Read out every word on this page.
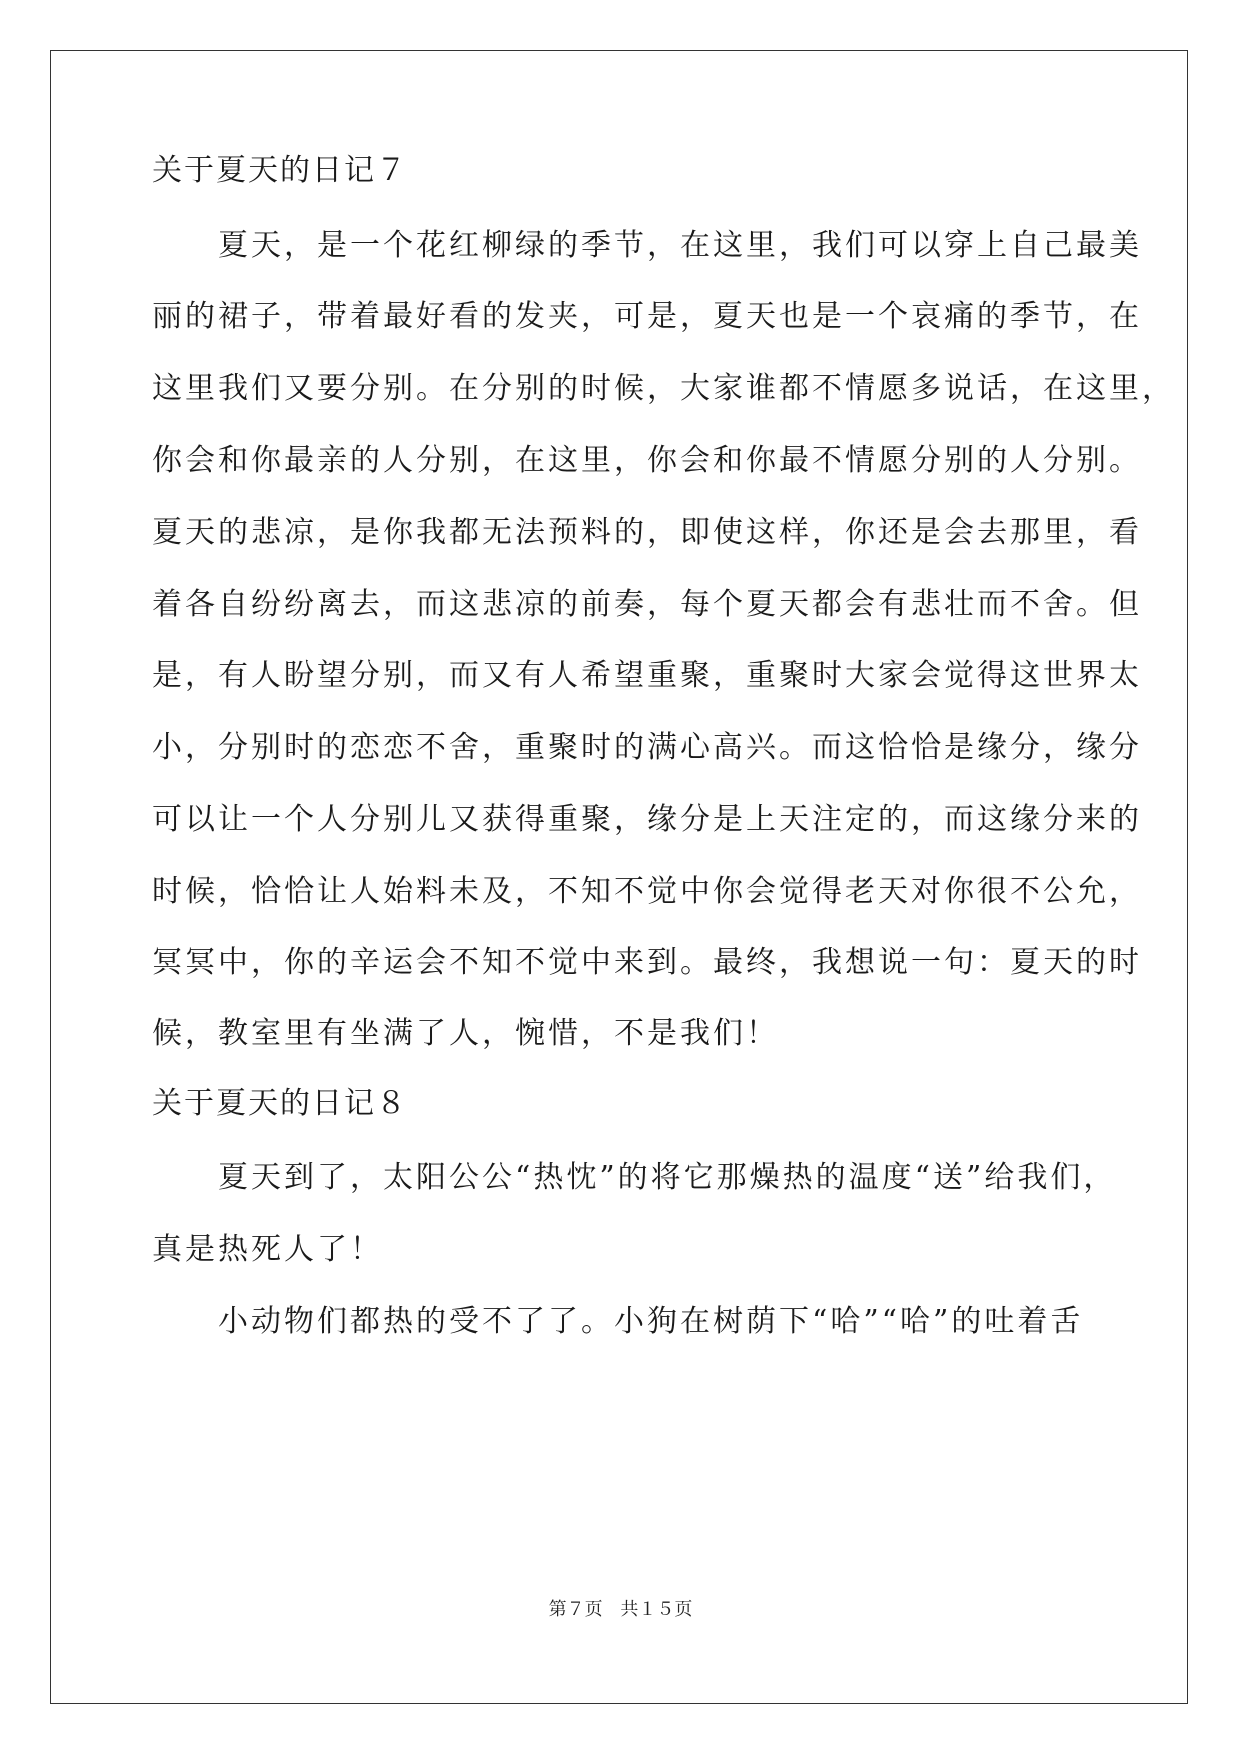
关于夏天的日记７
　　夏天，是一个花红柳绿的季节，在这里，我们可以穿上自己最美
丽的裙子，带着最好看的发夹，可是，夏天也是一个哀痛的季节，在
这里我们又要分别。在分别的时候，大家谁都不情愿多说话，在这里，
你会和你最亲的人分别，在这里，你会和你最不情愿分别的人分别。
夏天的悲凉，是你我都无法预料的，即使这样，你还是会去那里，看
着各自纷纷离去，而这悲凉的前奏，每个夏天都会有悲壮而不舍。但
是，有人盼望分别，而又有人希望重聚，重聚时大家会觉得这世界太
小，分别时的恋恋不舍，重聚时的满心高兴。而这恰恰是缘分，缘分
可以让一个人分别儿又获得重聚，缘分是上天注定的，而这缘分来的
时候，恰恰让人始料未及，不知不觉中你会觉得老天对你很不公允，
冥冥中，你的辛运会不知不觉中来到。最终，我想说一句：夏天的时
候，教室里有坐满了人，惋惜，不是我们！
关于夏天的日记８
　　夏天到了，太阳公公“热忱”的将它那燥热的温度“送”给我们，
真是热死人了！
　　小动物们都热的受不了了。小狗在树荫下“哈”“哈”的吐着舌
第７页 共１５页
